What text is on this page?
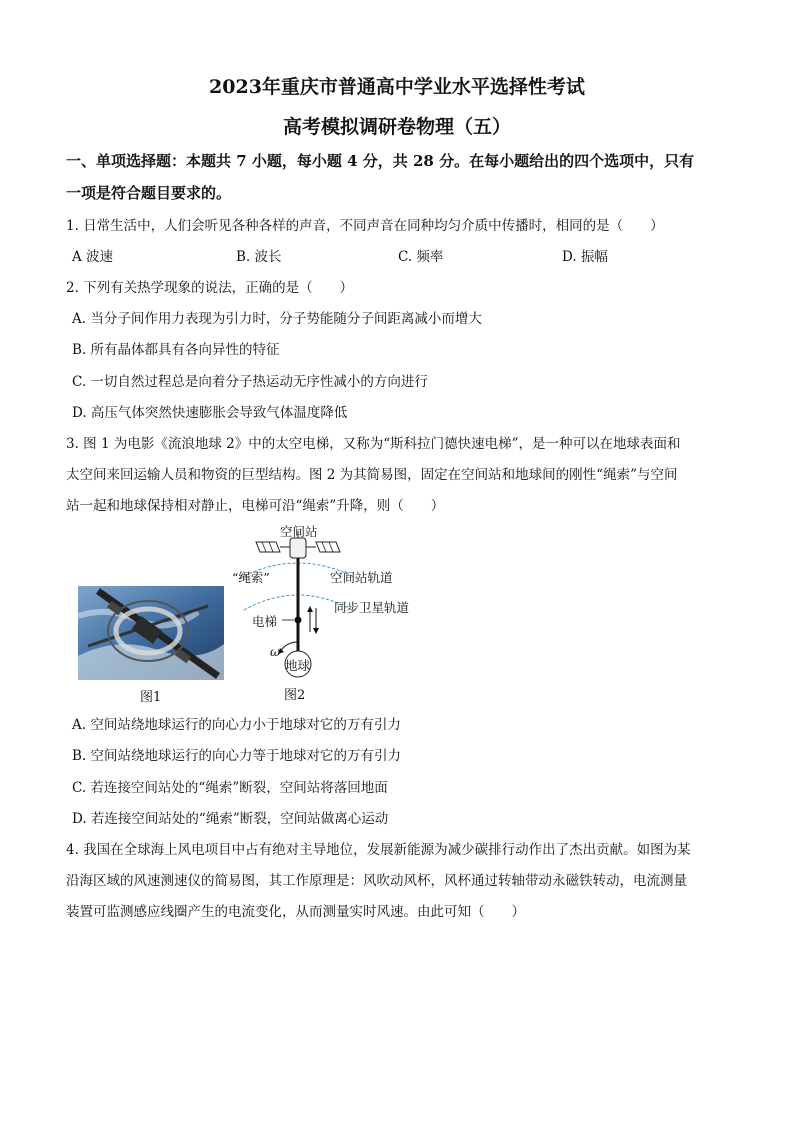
2023年重庆市普通高中学业水平选择性考试
高考模拟调研卷物理（五）
一、单项选择题：本题共 7 小题，每小题 4 分，共 28 分。在每小题给出的四个选项中，只有
一项是符合题目要求的。
1. 日常生活中，人们会听见各种各样的声音，不同声音在同种均匀介质中传播时，相同的是（　　）
A 波速	B. 波长	C. 频率	D. 振幅
2. 下列有关热学现象的说法，正确的是（　　）
A. 当分子间作用力表现为引力时，分子势能随分子间距离减小而增大
B. 所有晶体都具有各向异性的特征
C. 一切自然过程总是向着分子热运动无序性减小的方向进行
D. 高压气体突然快速膨胀会导致气体温度降低
3. 图 1 为电影《流浪地球 2》中的太空电梯，又称为“斯科拉门德快速电梯”，是一种可以在地球表面和
太空间来回运输人员和物资的巨型结构。图 2 为其简易图，固定在空间站和地球间的刚性“绳索”与空间
站一起和地球保持相对静止，电梯可沿“绳索”升降，则（　　）
图1
空间站
“绳索”	空间站轨道
同步卫星轨道
电梯
ω
地球
图2
A. 空间站绕地球运行的向心力小于地球对它的万有引力
B. 空间站绕地球运行的向心力等于地球对它的万有引力
C. 若连接空间站处的“绳索”断裂，空间站将落回地面
D. 若连接空间站处的“绳索”断裂，空间站做离心运动
4. 我国在全球海上风电项目中占有绝对主导地位，发展新能源为减少碳排行动作出了杰出贡献。如图为某
沿海区域的风速测速仪的简易图，其工作原理是：风吹动风杯，风杯通过转轴带动永磁铁转动，电流测量
装置可监测感应线圈产生的电流变化，从而测量实时风速。由此可知（　　）
